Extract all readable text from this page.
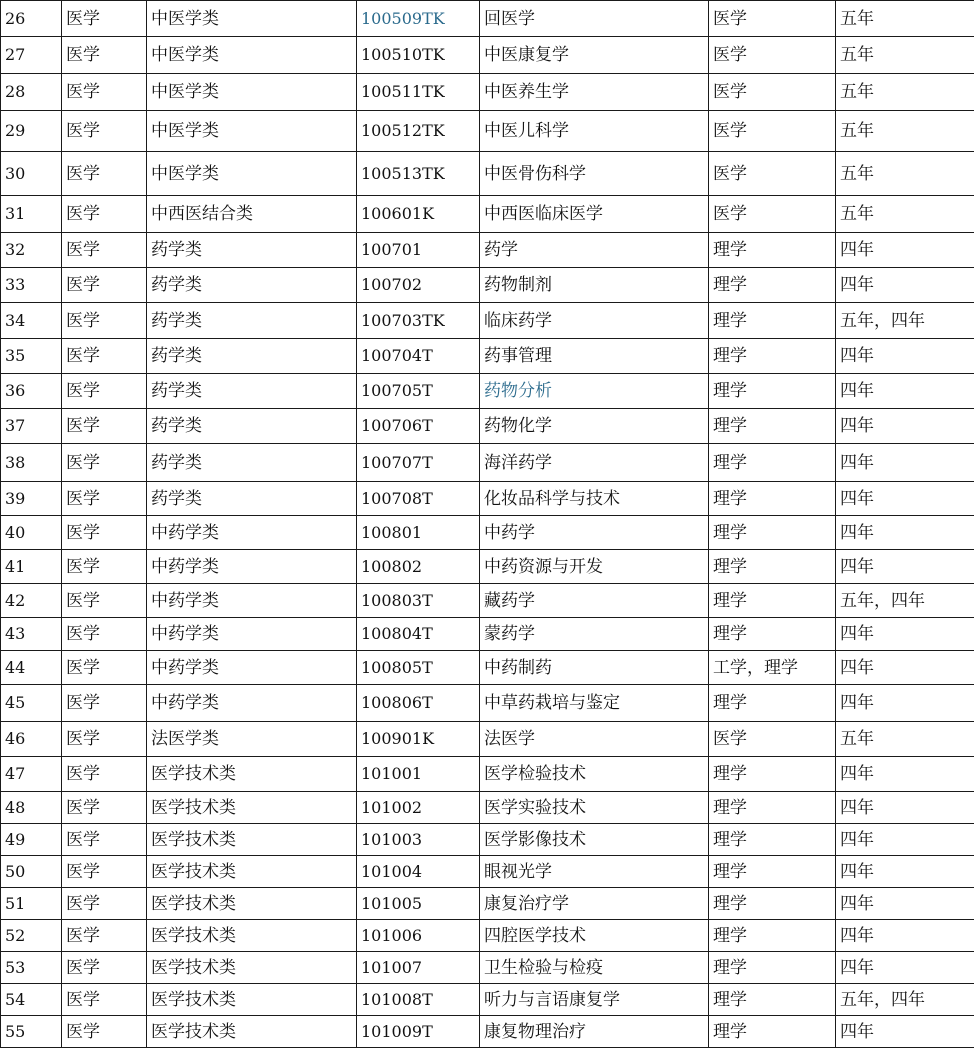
26	医学	中医学类	100509TK	回医学	医学	五年
27	医学	中医学类	100510TK	中医康复学	医学	五年
28	医学	中医学类	100511TK	中医养生学	医学	五年
29	医学	中医学类	100512TK	中医儿科学	医学	五年
30	医学	中医学类	100513TK	中医骨伤科学	医学	五年
31	医学	中西医结合类	100601K	中西医临床医学	医学	五年
32	医学	药学类	100701	药学	理学	四年
33	医学	药学类	100702	药物制剂	理学	四年
34	医学	药学类	100703TK	临床药学	理学	五年，四年
35	医学	药学类	100704T	药事管理	理学	四年
36	医学	药学类	100705T	药物分析	理学	四年
37	医学	药学类	100706T	药物化学	理学	四年
38	医学	药学类	100707T	海洋药学	理学	四年
39	医学	药学类	100708T	化妆品科学与技术	理学	四年
40	医学	中药学类	100801	中药学	理学	四年
41	医学	中药学类	100802	中药资源与开发	理学	四年
42	医学	中药学类	100803T	藏药学	理学	五年，四年
43	医学	中药学类	100804T	蒙药学	理学	四年
44	医学	中药学类	100805T	中药制药	工学，理学	四年
45	医学	中药学类	100806T	中草药栽培与鉴定	理学	四年
46	医学	法医学类	100901K	法医学	医学	五年
47	医学	医学技术类	101001	医学检验技术	理学	四年
48	医学	医学技术类	101002	医学实验技术	理学	四年
49	医学	医学技术类	101003	医学影像技术	理学	四年
50	医学	医学技术类	101004	眼视光学	理学	四年
51	医学	医学技术类	101005	康复治疗学	理学	四年
52	医学	医学技术类	101006	四腔医学技术	理学	四年
53	医学	医学技术类	101007	卫生检验与检疫	理学	四年
54	医学	医学技术类	101008T	听力与言语康复学	理学	五年，四年
55	医学	医学技术类	101009T	康复物理治疗	理学	四年
